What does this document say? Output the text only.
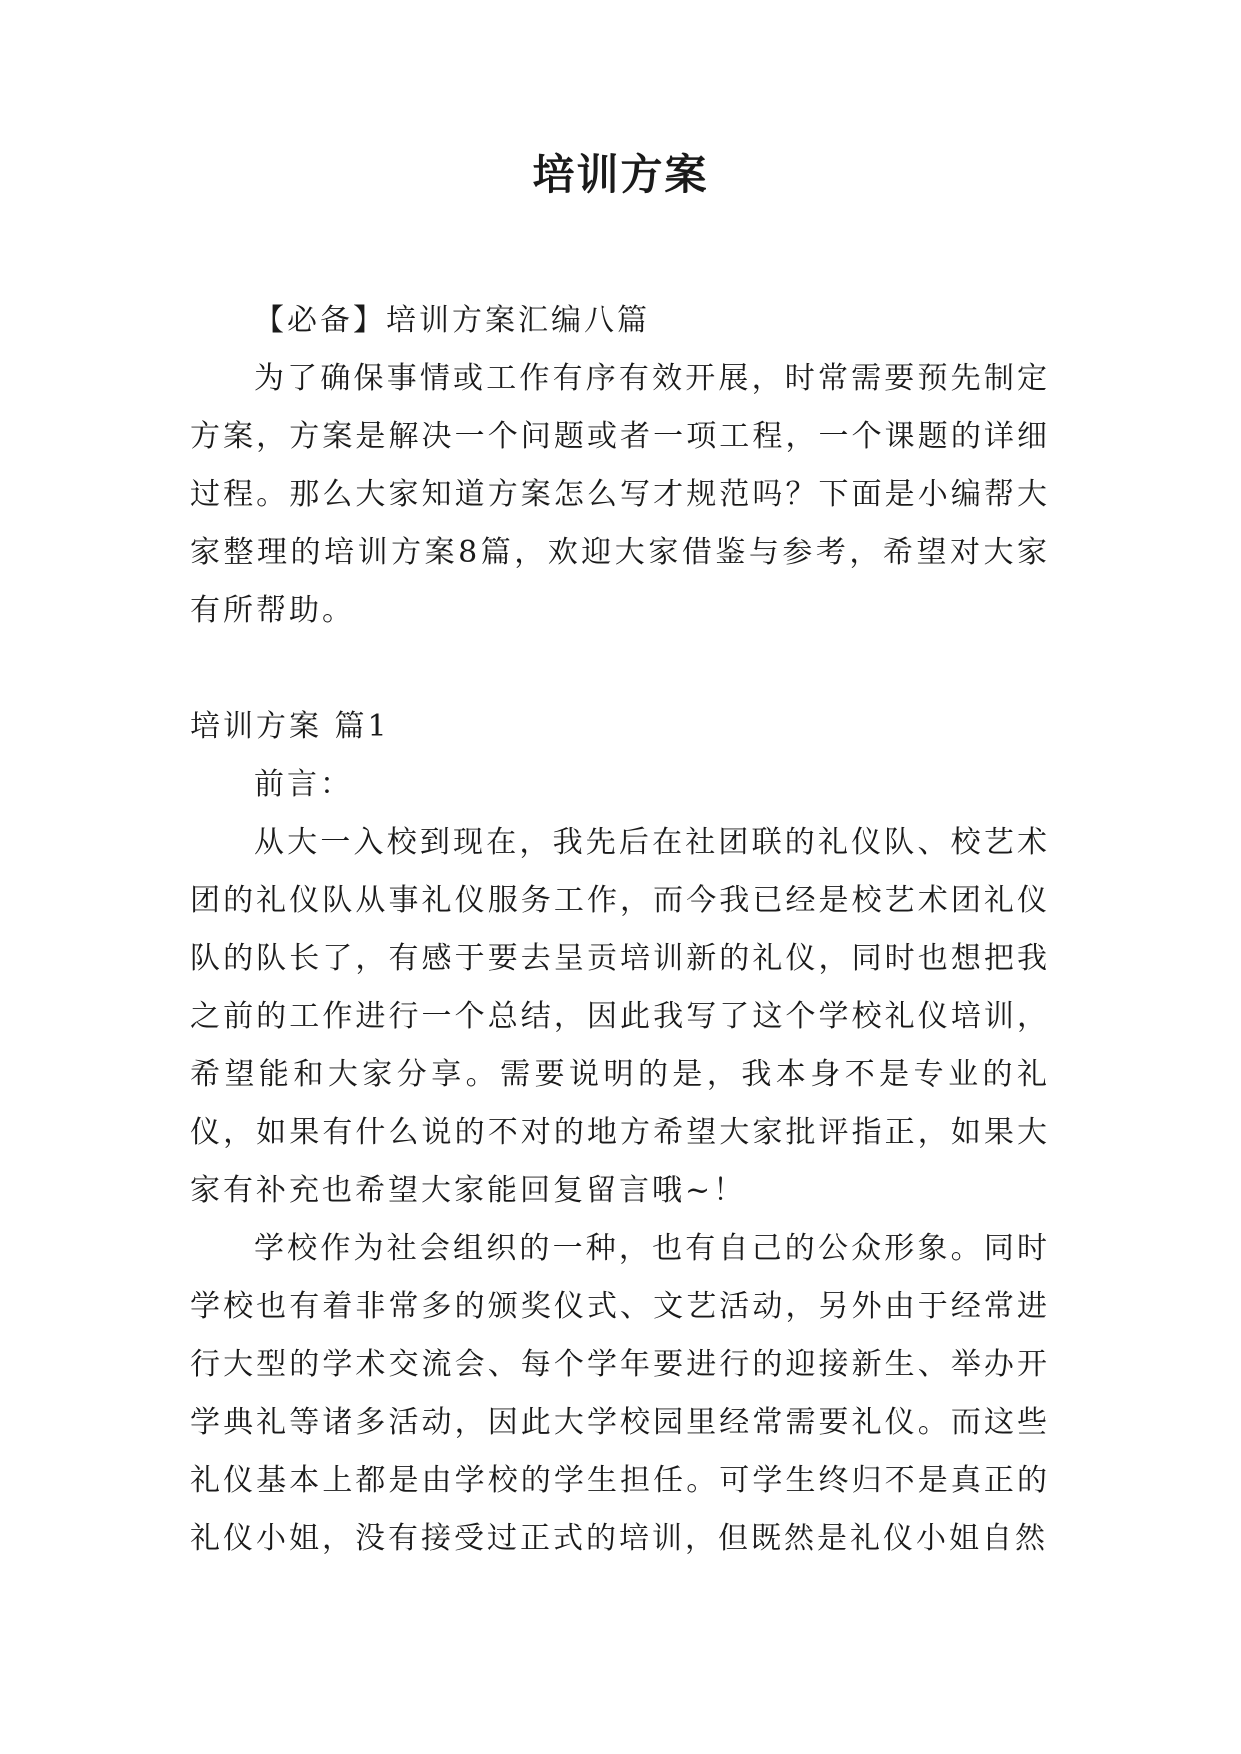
培训方案

【必备】培训方案汇编八篇

为了确保事情或工作有序有效开展，时常需要预先制定方案，方案是解决一个问题或者一项工程，一个课题的详细过程。那么大家知道方案怎么写才规范吗？下面是小编帮大家整理的培训方案8篇，欢迎大家借鉴与参考，希望对大家有所帮助。

培训方案 篇1

前言：

从大一入校到现在，我先后在社团联的礼仪队、校艺术团的礼仪队从事礼仪服务工作，而今我已经是校艺术团礼仪队的队长了，有感于要去呈贡培训新的礼仪，同时也想把我之前的工作进行一个总结，因此我写了这个学校礼仪培训，希望能和大家分享。需要说明的是，我本身不是专业的礼仪，如果有什么说的不对的地方希望大家批评指正，如果大家有补充也希望大家能回复留言哦~！

学校作为社会组织的一种，也有自己的公众形象。同时学校也有着非常多的颁奖仪式、文艺活动，另外由于经常进行大型的学术交流会、每个学年要进行的迎接新生、举办开学典礼等诸多活动，因此大学校园里经常需要礼仪。而这些礼仪基本上都是由学校的学生担任。可学生终归不是真正的礼仪小姐，没有接受过正式的培训，但既然是礼仪小姐自然
